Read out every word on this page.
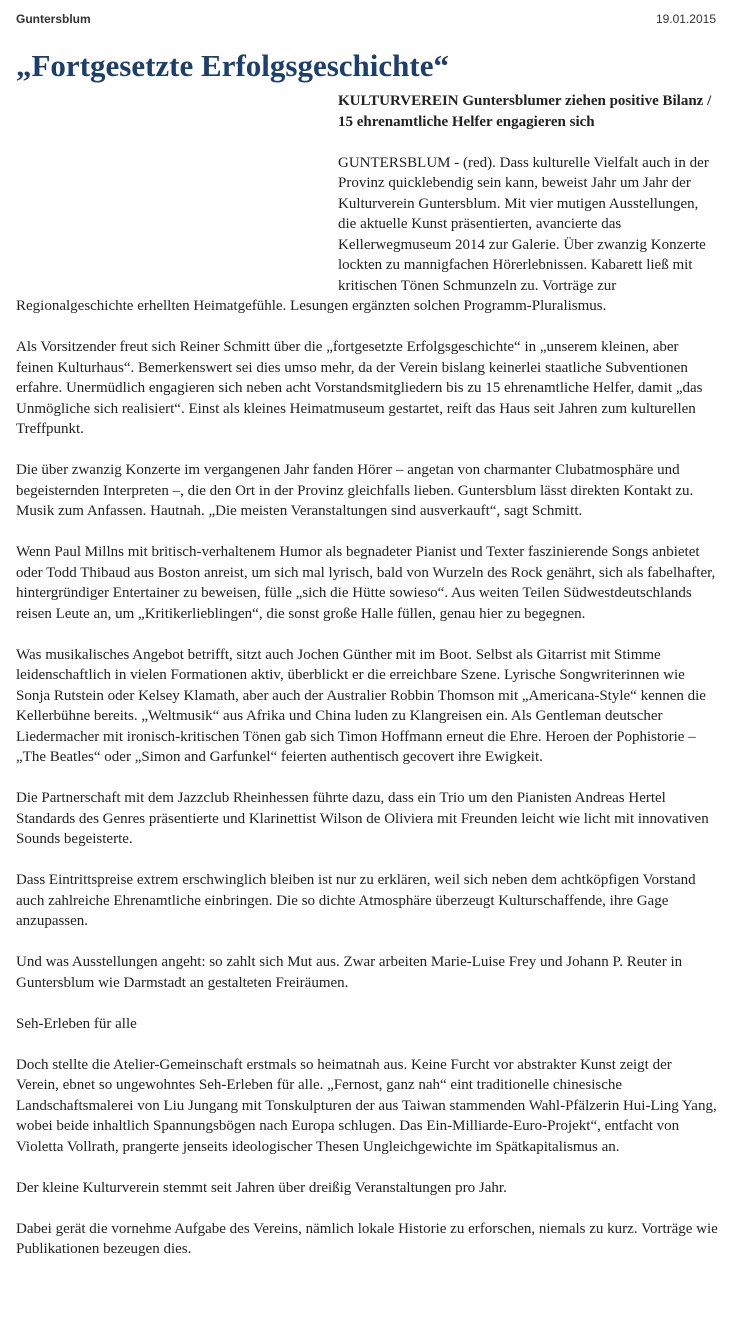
Guntersblum	19.01.2015
„Fortgesetzte Erfolgsgeschichte“

KULTURVEREIN Guntersblumer ziehen positive Bilanz / 15 ehrenamtliche Helfer engagieren sich

GUNTERSBLUM - (red). Dass kulturelle Vielfalt auch in der Provinz quicklebendig sein kann, beweist Jahr um Jahr der Kulturverein Guntersblum. Mit vier mutigen Ausstellungen, die aktuelle Kunst präsentierten, avancierte das Kellerwegmuseum 2014 zur Galerie. Über zwanzig Konzerte lockten zu mannigfachen Hörerlebnissen. Kabarett ließ mit kritischen Tönen Schmunzeln zu. Vorträge zur Regionalgeschichte erhellten Heimatgefühle. Lesungen ergänzten solchen Programm-Pluralismus.

Als Vorsitzender freut sich Reiner Schmitt über die „fortgesetzte Erfolgsgeschichte“ in „unserem kleinen, aber feinen Kulturhaus“. Bemerkenswert sei dies umso mehr, da der Verein bislang keinerlei staatliche Subventionen erfahre. Unermüdlich engagieren sich neben acht Vorstandsmitgliedern bis zu 15 ehrenamtliche Helfer, damit „das Unmögliche sich realisiert“. Einst als kleines Heimatmuseum gestartet, reift das Haus seit Jahren zum kulturellen Treffpunkt.

Die über zwanzig Konzerte im vergangenen Jahr fanden Hörer – angetan von charmanter Clubatmosphäre und begeisternden Interpreten –, die den Ort in der Provinz gleichfalls lieben. Guntersblum lässt direkten Kontakt zu. Musik zum Anfassen. Hautnah. „Die meisten Veranstaltungen sind ausverkauft“, sagt Schmitt.

Wenn Paul Millns mit britisch-verhaltenem Humor als begnadeter Pianist und Texter faszinierende Songs anbietet oder Todd Thibaud aus Boston anreist, um sich mal lyrisch, bald von Wurzeln des Rock genährt, sich als fabelhafter, hintergründiger Entertainer zu beweisen, fülle „sich die Hütte sowieso“. Aus weiten Teilen Südwestdeutschlands reisen Leute an, um „Kritikerlieblingen“, die sonst große Halle füllen, genau hier zu begegnen.

Was musikalisches Angebot betrifft, sitzt auch Jochen Günther mit im Boot. Selbst als Gitarrist mit Stimme leidenschaftlich in vielen Formationen aktiv, überblickt er die erreichbare Szene. Lyrische Songwriterinnen wie Sonja Rutstein oder Kelsey Klamath, aber auch der Australier Robbin Thomson mit „Americana-Style“ kennen die Kellerbühne bereits. „Weltmusik“ aus Afrika und China luden zu Klangreisen ein. Als Gentleman deutscher Liedermacher mit ironisch-kritischen Tönen gab sich Timon Hoffmann erneut die Ehre. Heroen der Pophistorie – „The Beatles“ oder „Simon and Garfunkel“ feierten authentisch gecovert ihre Ewigkeit.

Die Partnerschaft mit dem Jazzclub Rheinhessen führte dazu, dass ein Trio um den Pianisten Andreas Hertel Standards des Genres präsentierte und Klarinettist Wilson de Oliviera mit Freunden leicht wie licht mit innovativen Sounds begeisterte.

Dass Eintrittspreise extrem erschwinglich bleiben ist nur zu erklären, weil sich neben dem achtköpfigen Vorstand auch zahlreiche Ehrenamtliche einbringen. Die so dichte Atmosphäre überzeugt Kulturschaffende, ihre Gage anzupassen.

Und was Ausstellungen angeht: so zahlt sich Mut aus. Zwar arbeiten Marie-Luise Frey und Johann P. Reuter in Guntersblum wie Darmstadt an gestalteten Freiräumen.

Seh-Erleben für alle

Doch stellte die Atelier-Gemeinschaft erstmals so heimatnah aus. Keine Furcht vor abstrakter Kunst zeigt der Verein, ebnet so ungewohntes Seh-Erleben für alle. „Fernost, ganz nah“ eint traditionelle chinesische Landschaftsmalerei von Liu Jungang mit Tonskulpturen der aus Taiwan stammenden Wahl-Pfälzerin Hui-Ling Yang, wobei beide inhaltlich Spannungsbögen nach Europa schlugen. Das Ein-Milliarde-Euro-Projekt“, entfacht von Violetta Vollrath, prangerte jenseits ideologischer Thesen Ungleichgewichte im Spätkapitalismus an.

Der kleine Kulturverein stemmt seit Jahren über dreißig Veranstaltungen pro Jahr.

Dabei gerät die vornehme Aufgabe des Vereins, nämlich lokale Historie zu erforschen, niemals zu kurz. Vorträge wie Publikationen bezeugen dies.
